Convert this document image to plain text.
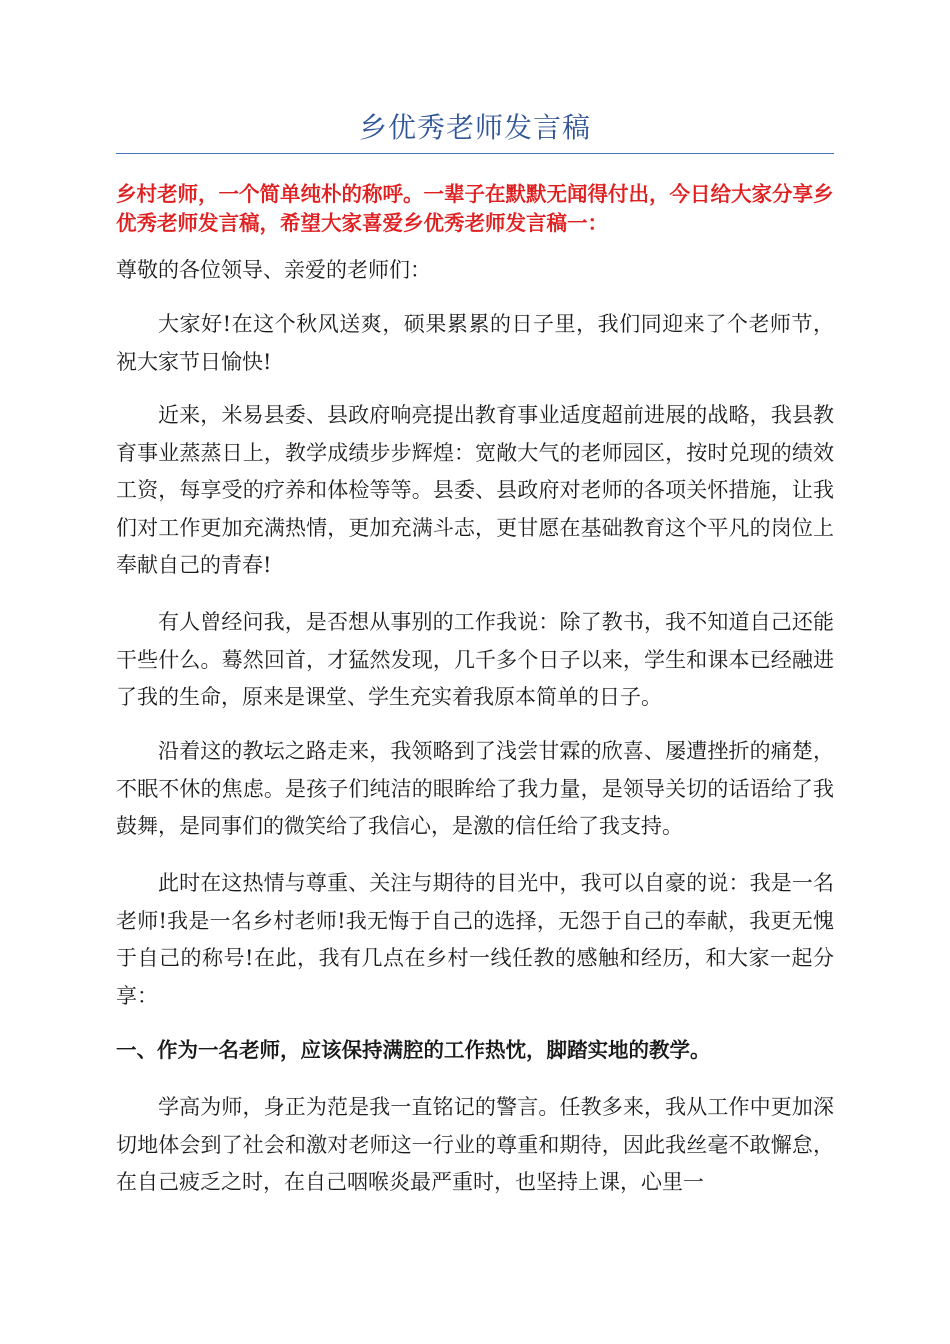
乡优秀老师发言稿
乡村老师，一个简单纯朴的称呼。一辈子在默默无闻得付出，今日给大家分享乡优秀老师发言稿，希望大家喜爱乡优秀老师发言稿一：
尊敬的各位领导、亲爱的老师们：
大家好!在这个秋风送爽，硕果累累的日子里，我们同迎来了个老师节，祝大家节日愉快!
近来，米易县委、县政府响亮提出教育事业适度超前进展的战略，我县教育事业蒸蒸日上，教学成绩步步辉煌：宽敞大气的老师园区，按时兑现的绩效工资，每享受的疗养和体检等等。县委、县政府对老师的各项关怀措施，让我们对工作更加充满热情，更加充满斗志，更甘愿在基础教育这个平凡的岗位上奉献自己的青春!
有人曾经问我，是否想从事别的工作我说：除了教书，我不知道自己还能干些什么。蓦然回首，才猛然发现，几千多个日子以来，学生和课本已经融进了我的生命，原来是课堂、学生充实着我原本简单的日子。
沿着这的教坛之路走来，我领略到了浅尝甘霖的欣喜、屡遭挫折的痛楚，不眠不休的焦虑。是孩子们纯洁的眼眸给了我力量，是领导关切的话语给了我鼓舞，是同事们的微笑给了我信心，是激的信任给了我支持。
此时在这热情与尊重、关注与期待的目光中，我可以自豪的说：我是一名老师!我是一名乡村老师!我无悔于自己的选择，无怨于自己的奉献，我更无愧于自己的称号!在此，我有几点在乡村一线任教的感触和经历，和大家一起分享：
一、作为一名老师，应该保持满腔的工作热忱，脚踏实地的教学。
学高为师，身正为范是我一直铭记的警言。任教多来，我从工作中更加深切地体会到了社会和激对老师这一行业的尊重和期待，因此我丝毫不敢懈怠，在自己疲乏之时，在自己咽喉炎最严重时，也坚持上课，心里一
